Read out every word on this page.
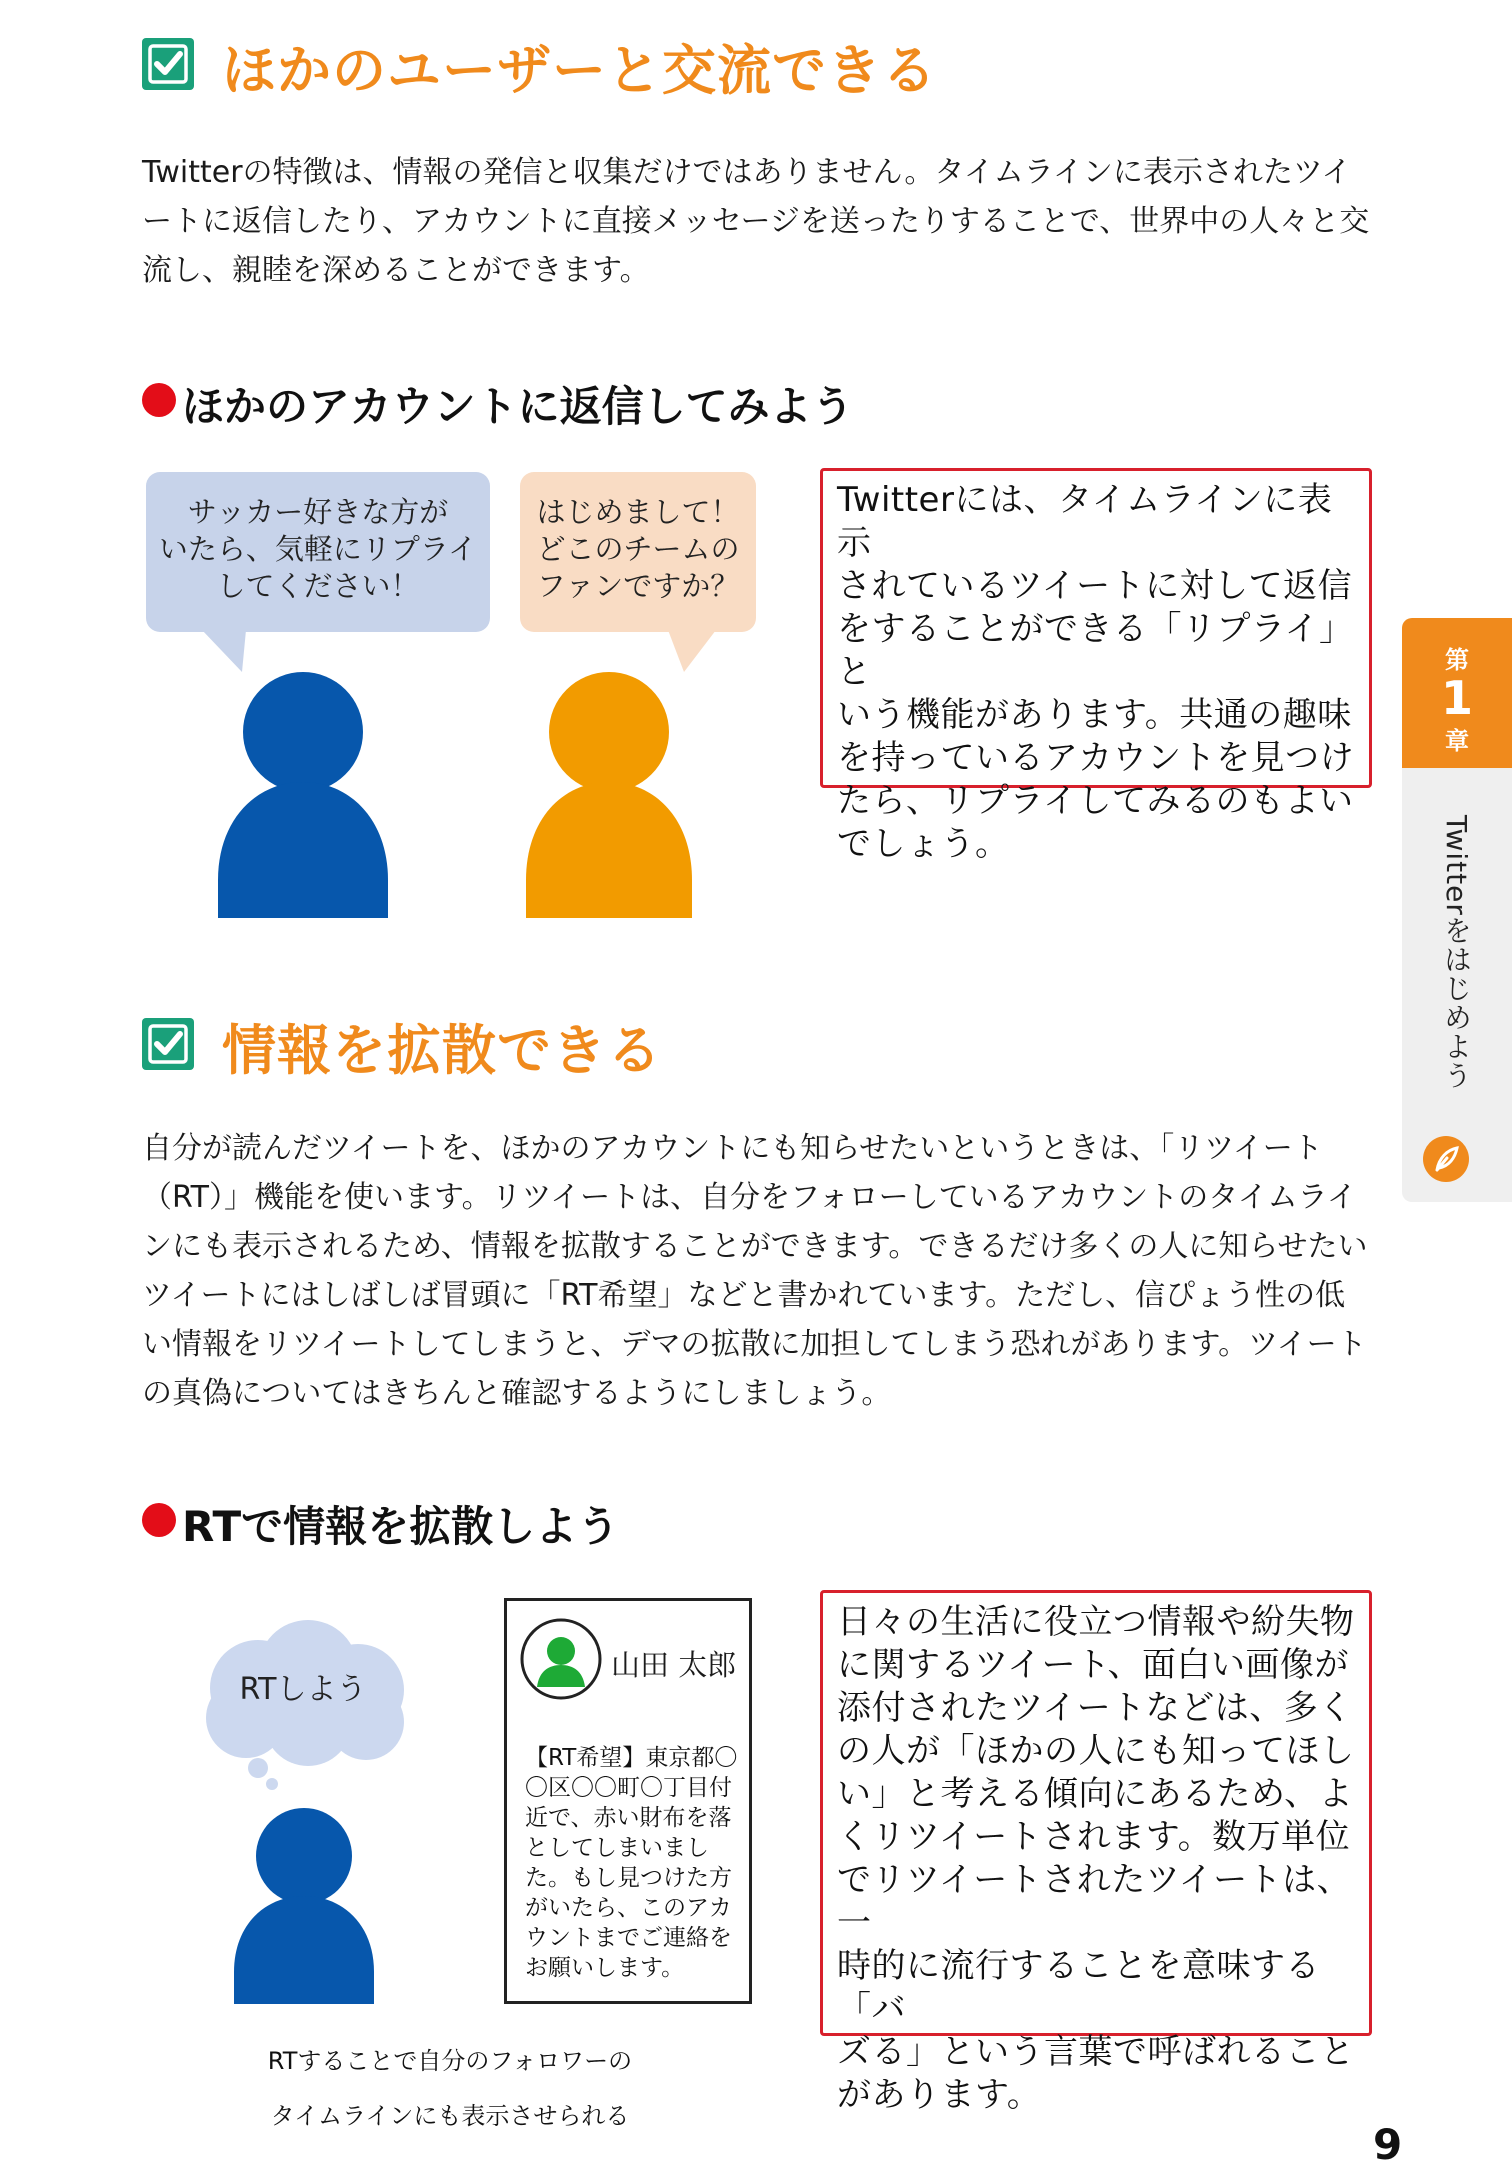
ほかのユーザーと交流できる

Twitterの特徴は、情報の発信と収集だけではありません。タイムラインに表示されたツイートに返信したり、アカウントに直接メッセージを送ったりすることで、世界中の人々と交流し、親睦を深めることができます。

ほかのアカウントに返信してみよう

サッカー好きな方が

いたら、気軽にリプライ

してください！

はじめまして！

どこのチームの

ファンですか？

Twitterには、タイムラインに表示

されているツイートに対して返信

をすることができる「リプライ」と

いう機能があります。共通の趣味

を持っているアカウントを見つけ

たら、リプライしてみるのもよい

でしょう。

第
1
章
Twitterをはじめよう
情報を拡散できる

自分が読んだツイートを、ほかのアカウントにも知らせたいというときは、「リツイート（RT）」機能を使います。リツイートは、自分をフォローしているアカウントのタイムラインにも表示されるため、情報を拡散することができます。できるだけ多くの人に知らせたいツイートにはしばしば冒頭に「RT希望」などと書かれています。ただし、信ぴょう性の低い情報をリツイートしてしまうと、デマの拡散に加担してしまう恐れがあります。ツイートの真偽についてはきちんと確認するようにしましょう。

RTで情報を拡散しよう
RTしよう
山田 太郎

【RT希望】東京都〇〇区〇〇町〇丁目付近で、赤い財布を落としてしまいました。もし見つけた方がいたら、このアカウントまでご連絡をお願いします。

RTすることで自分のフォロワーの

タイムラインにも表示させられる

日々の生活に役立つ情報や紛失物

に関するツイート、面白い画像が

添付されたツイートなどは、多く

の人が「ほかの人にも知ってほし

い」と考える傾向にあるため、よ

くリツイートされます。数万単位

でリツイートされたツイートは、一

時的に流行することを意味する「バ

ズる」という言葉で呼ばれること

があります。

9
